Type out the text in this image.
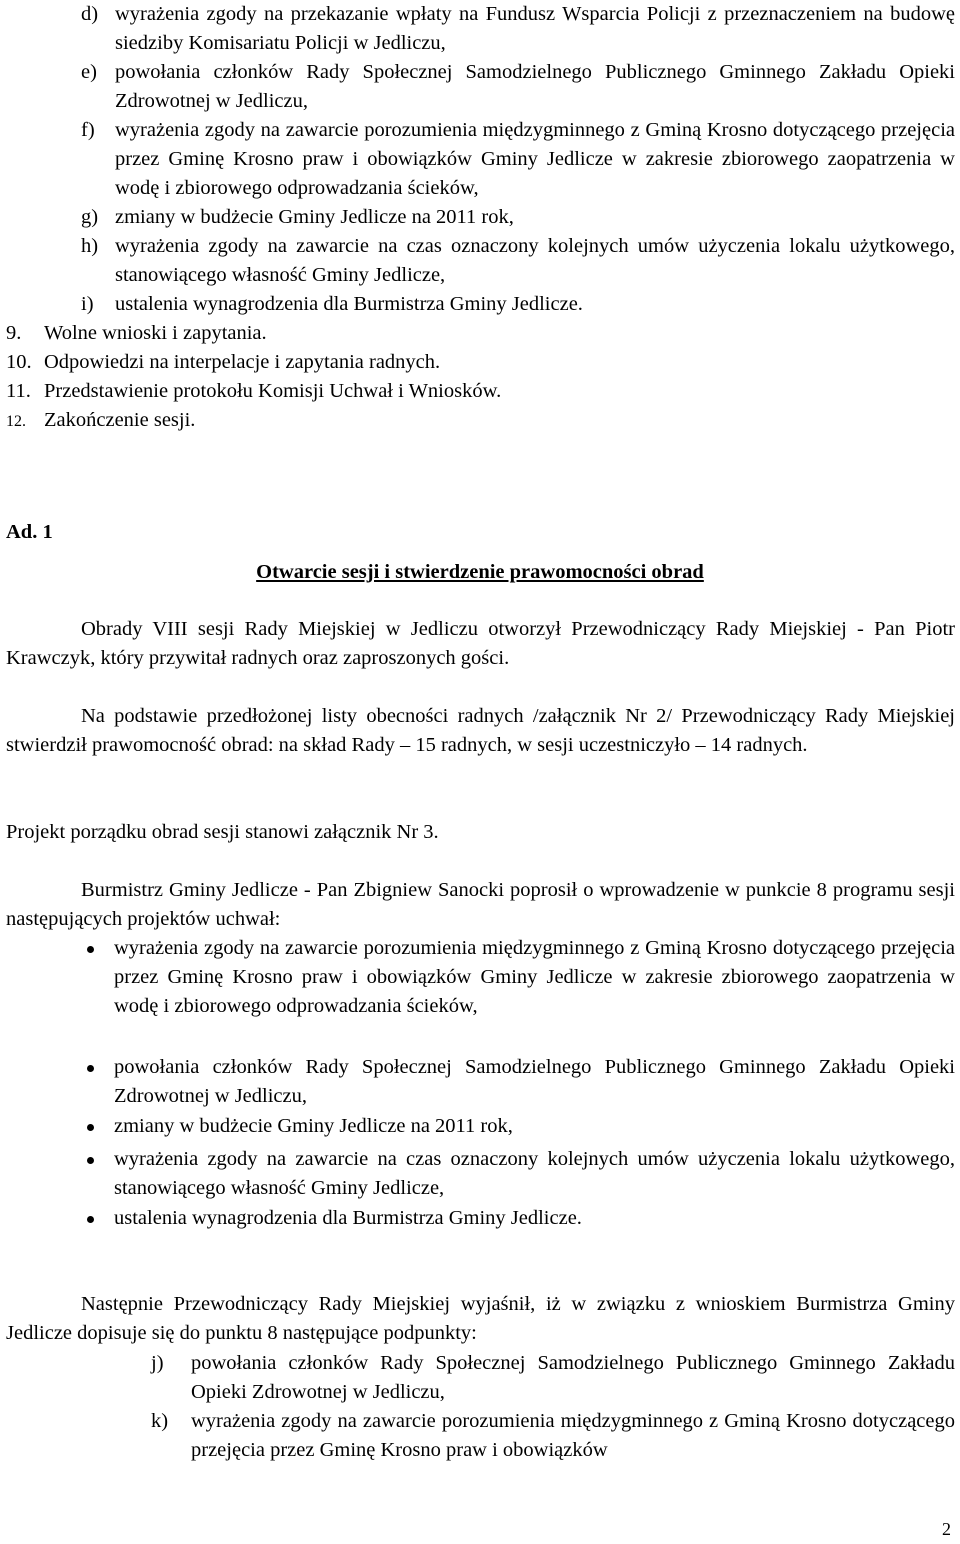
d) wyrażenia zgody na przekazanie wpłaty na Fundusz Wsparcia Policji z przeznaczeniem na budowę siedziby Komisariatu Policji w Jedliczu,
e) powołania członków Rady Społecznej Samodzielnego Publicznego Gminnego Zakładu Opieki Zdrowotnej w Jedliczu,
f) wyrażenia zgody na zawarcie porozumienia międzygminnego z Gminą Krosno dotyczącego przejęcia przez Gminę Krosno praw i obowiązków Gminy Jedlicze w zakresie zbiorowego zaopatrzenia w wodę i zbiorowego odprowadzania ścieków,
g) zmiany w budżecie Gminy Jedlicze na 2011 rok,
h) wyrażenia zgody na zawarcie na czas oznaczony kolejnych umów użyczenia lokalu użytkowego, stanowiącego własność Gminy Jedlicze,
i) ustalenia wynagrodzenia dla Burmistrza Gminy Jedlicze.
9. Wolne wnioski i zapytania.
10. Odpowiedzi na interpelacje i zapytania radnych.
11. Przedstawienie protokołu Komisji Uchwał i Wniosków.
12. Zakończenie sesji.
Ad. 1
Otwarcie sesji i stwierdzenie prawomocności obrad
Obrady VIII sesji Rady Miejskiej w Jedliczu otworzył Przewodniczący Rady Miejskiej - Pan Piotr Krawczyk, który przywitał radnych oraz zaproszonych gości.
Na podstawie przedłożonej listy obecności radnych /załącznik Nr 2/ Przewodniczący Rady Miejskiej stwierdził prawomocność obrad: na skład Rady – 15 radnych, w sesji uczestniczyło – 14 radnych.
Projekt porządku obrad sesji stanowi załącznik Nr 3.
Burmistrz Gminy Jedlicze - Pan Zbigniew Sanocki poprosił o wprowadzenie w punkcie 8 programu sesji następujących projektów uchwał:
wyrażenia zgody na zawarcie porozumienia międzygminnego z Gminą Krosno dotyczącego przejęcia przez Gminę Krosno praw i obowiązków Gminy Jedlicze w zakresie zbiorowego zaopatrzenia w wodę i zbiorowego odprowadzania ścieków,
powołania członków Rady Społecznej Samodzielnego Publicznego Gminnego Zakładu Opieki Zdrowotnej w Jedliczu,
zmiany w budżecie Gminy Jedlicze na 2011 rok,
wyrażenia zgody na zawarcie na czas oznaczony kolejnych umów użyczenia lokalu użytkowego, stanowiącego własność Gminy Jedlicze,
ustalenia wynagrodzenia dla Burmistrza Gminy Jedlicze.
Następnie Przewodniczący Rady Miejskiej wyjaśnił, iż w związku z wnioskiem Burmistrza Gminy Jedlicze dopisuje się do punktu 8 następujące podpunkty:
j) powołania członków Rady Społecznej Samodzielnego Publicznego Gminnego Zakładu Opieki Zdrowotnej w Jedliczu,
k) wyrażenia zgody na zawarcie porozumienia międzygminnego z Gminą Krosno dotyczącego przejęcia przez Gminę Krosno praw i obowiązków
2
